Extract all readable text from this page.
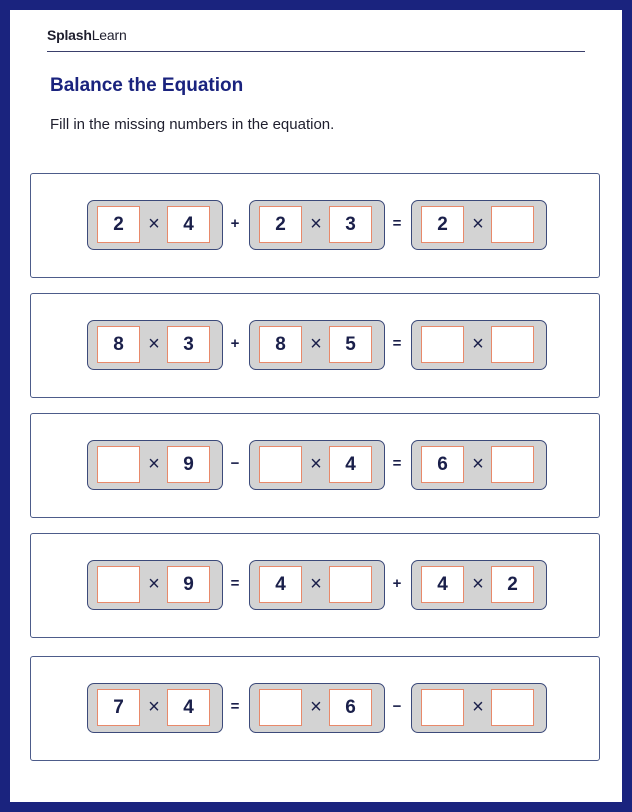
SplashLearn
Balance the Equation
Fill in the missing numbers in the equation.
2	×	4	+	2	×	3	=	2	×
8	×	3	+	8	×	5	=	×
×	9	−	×	4	=	6	×
×	9	=	4	×	+	4	×	2
7	×	4	=	×	6	−	×
